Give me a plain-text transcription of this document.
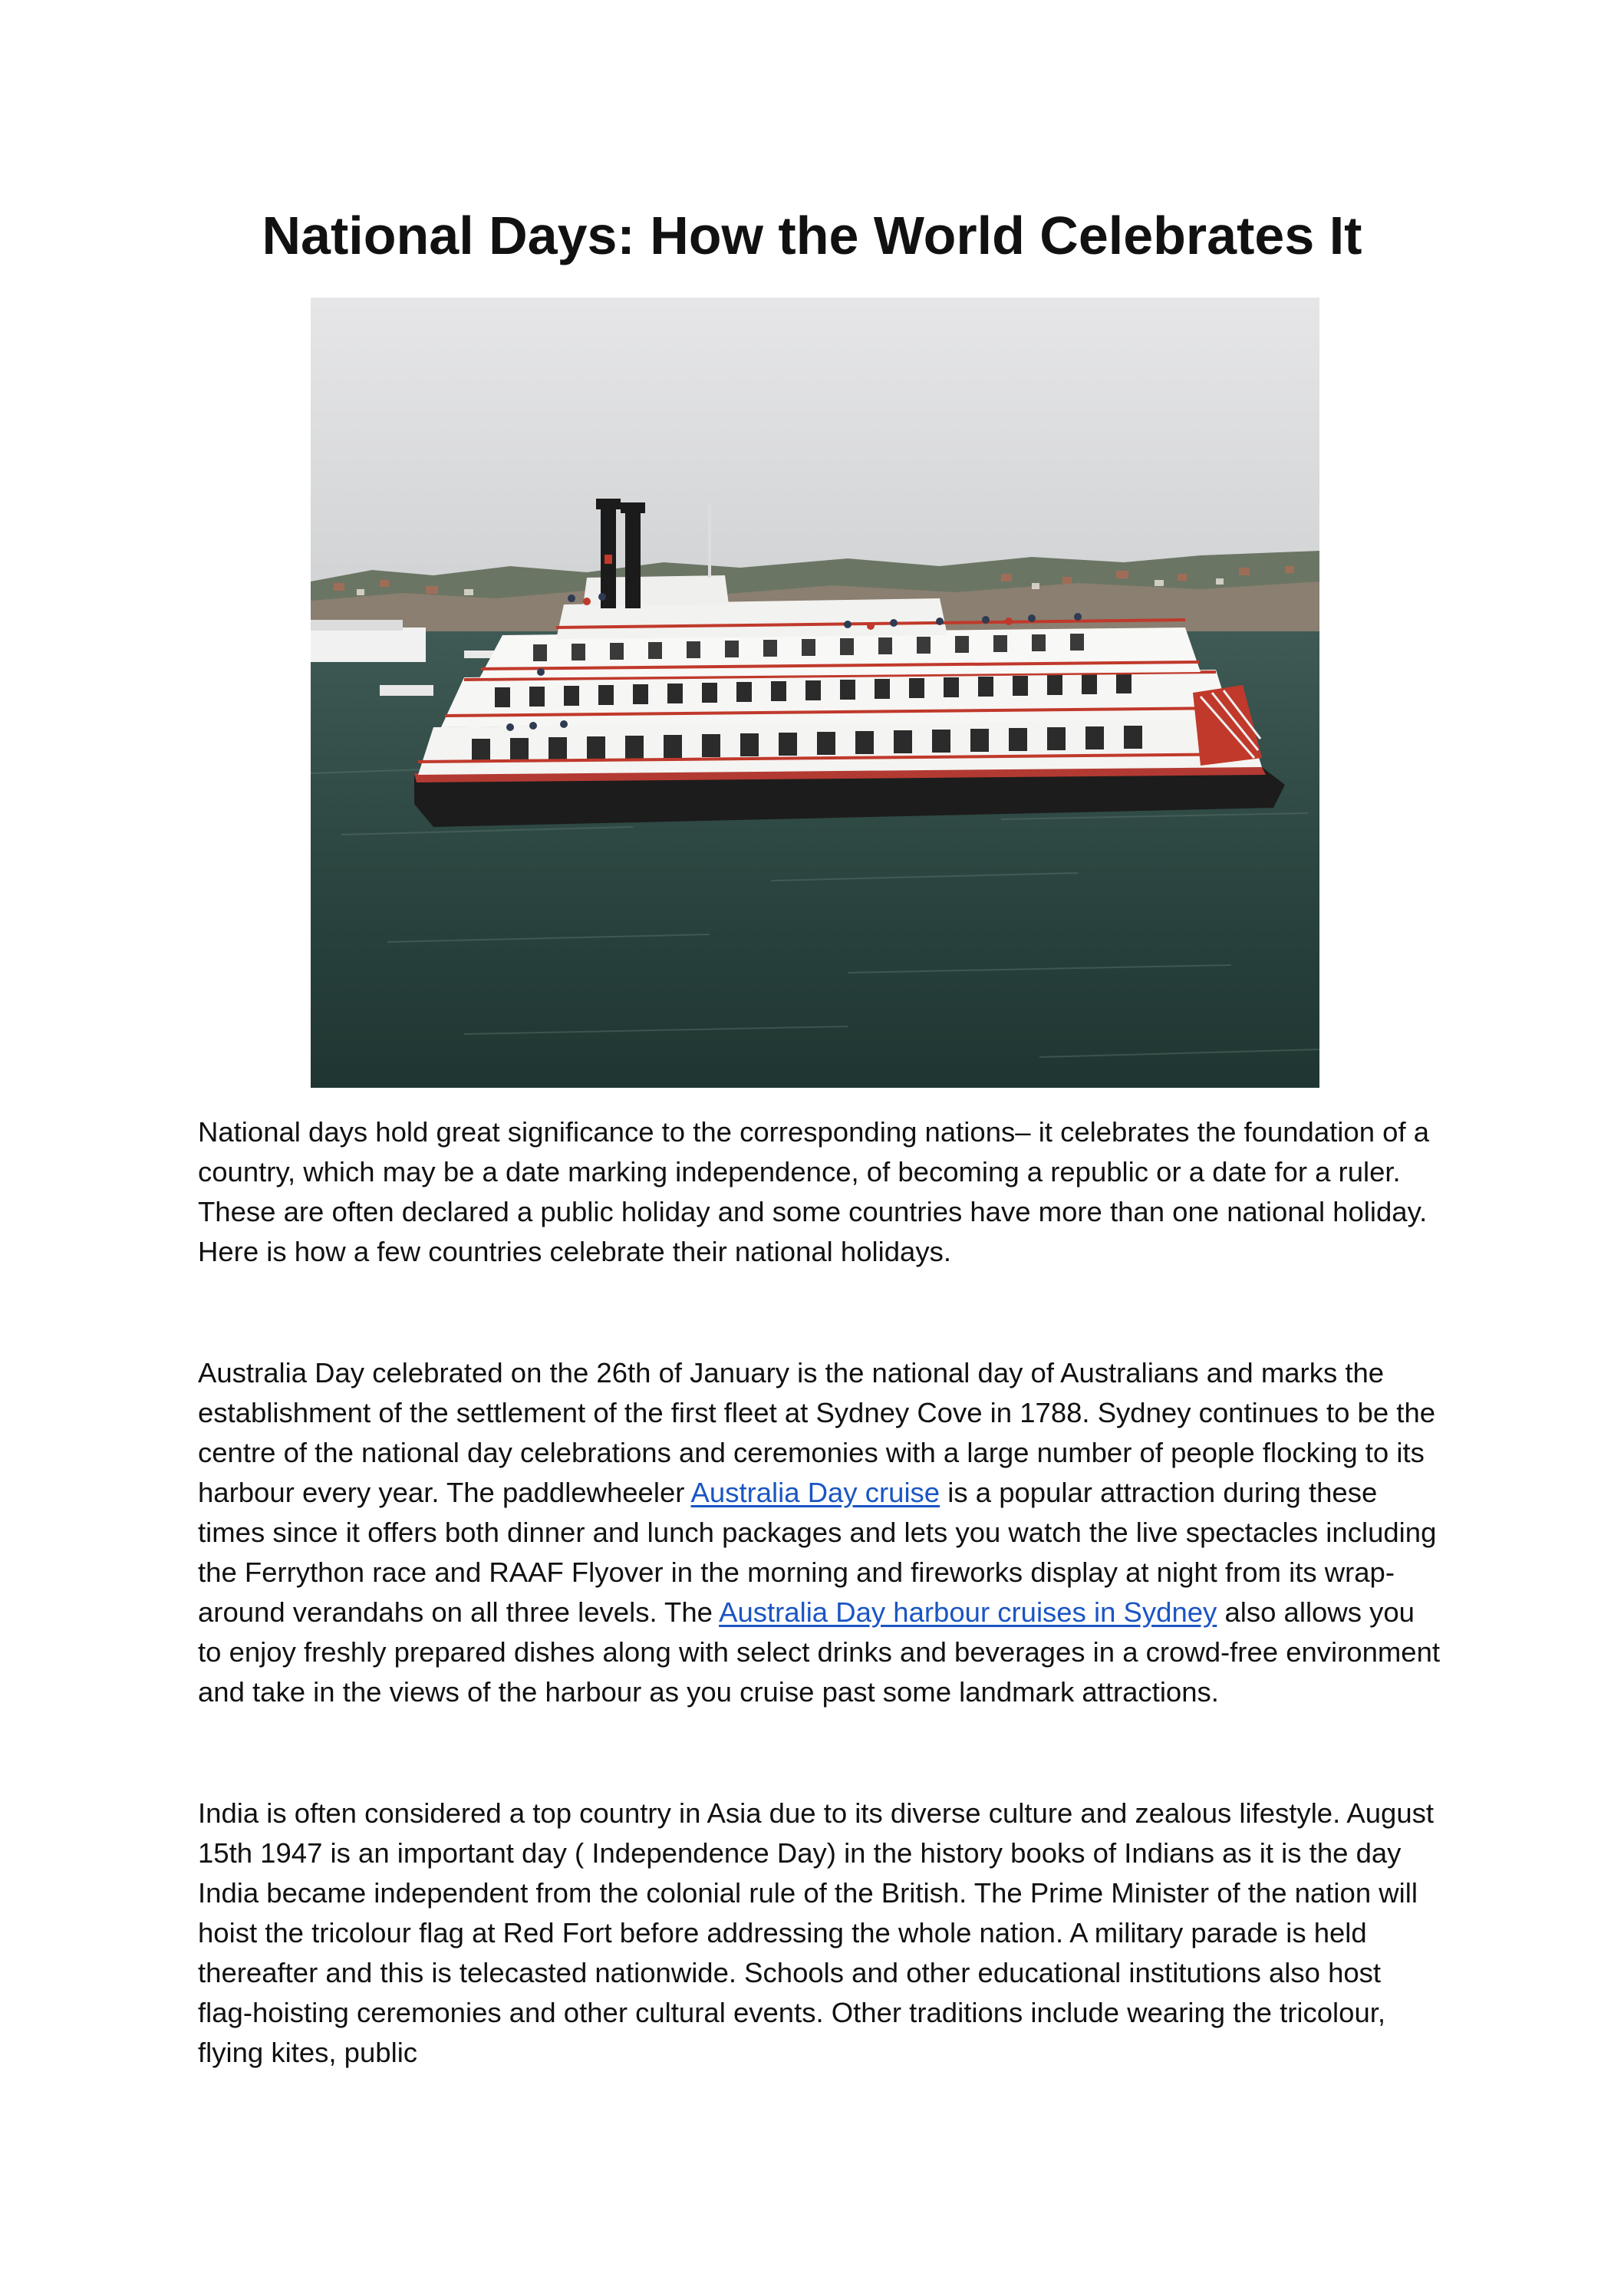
National Days: How the World Celebrates It

National days hold great significance to the corresponding nations– it celebrates the foundation of a country, which may be a date marking independence, of becoming a republic or a date for a ruler. These are often declared a public holiday and some countries have more than one national holiday. Here is how a few countries celebrate their national holidays.

Australia Day celebrated on the 26th of January is the national day of Australians and marks the establishment of the settlement of the first fleet at Sydney Cove in 1788. Sydney continues to be the centre of the national day celebrations and ceremonies with a large number of people flocking to its harbour every year. The paddlewheeler Australia Day cruise is a popular attraction during these times since it offers both dinner and lunch packages and lets you watch the live spectacles including the Ferrython race and RAAF Flyover in the morning and fireworks display at night from its wrap-around verandahs on all three levels. The Australia Day harbour cruises in Sydney also allows you to enjoy freshly prepared dishes along with select drinks and beverages in a crowd-free environment and take in the views of the harbour as you cruise past some landmark attractions.

India is often considered a top country in Asia due to its diverse culture and zealous lifestyle. August 15th 1947 is an important day ( Independence Day) in the history books of Indians as it is the day India became independent from the colonial rule of the British. The Prime Minister of the nation will hoist the tricolour flag at Red Fort before addressing the whole nation. A military parade is held thereafter and this is telecasted nationwide. Schools and other educational institutions also host flag-hoisting ceremonies and other cultural events. Other traditions include wearing the tricolour, flying kites, public
